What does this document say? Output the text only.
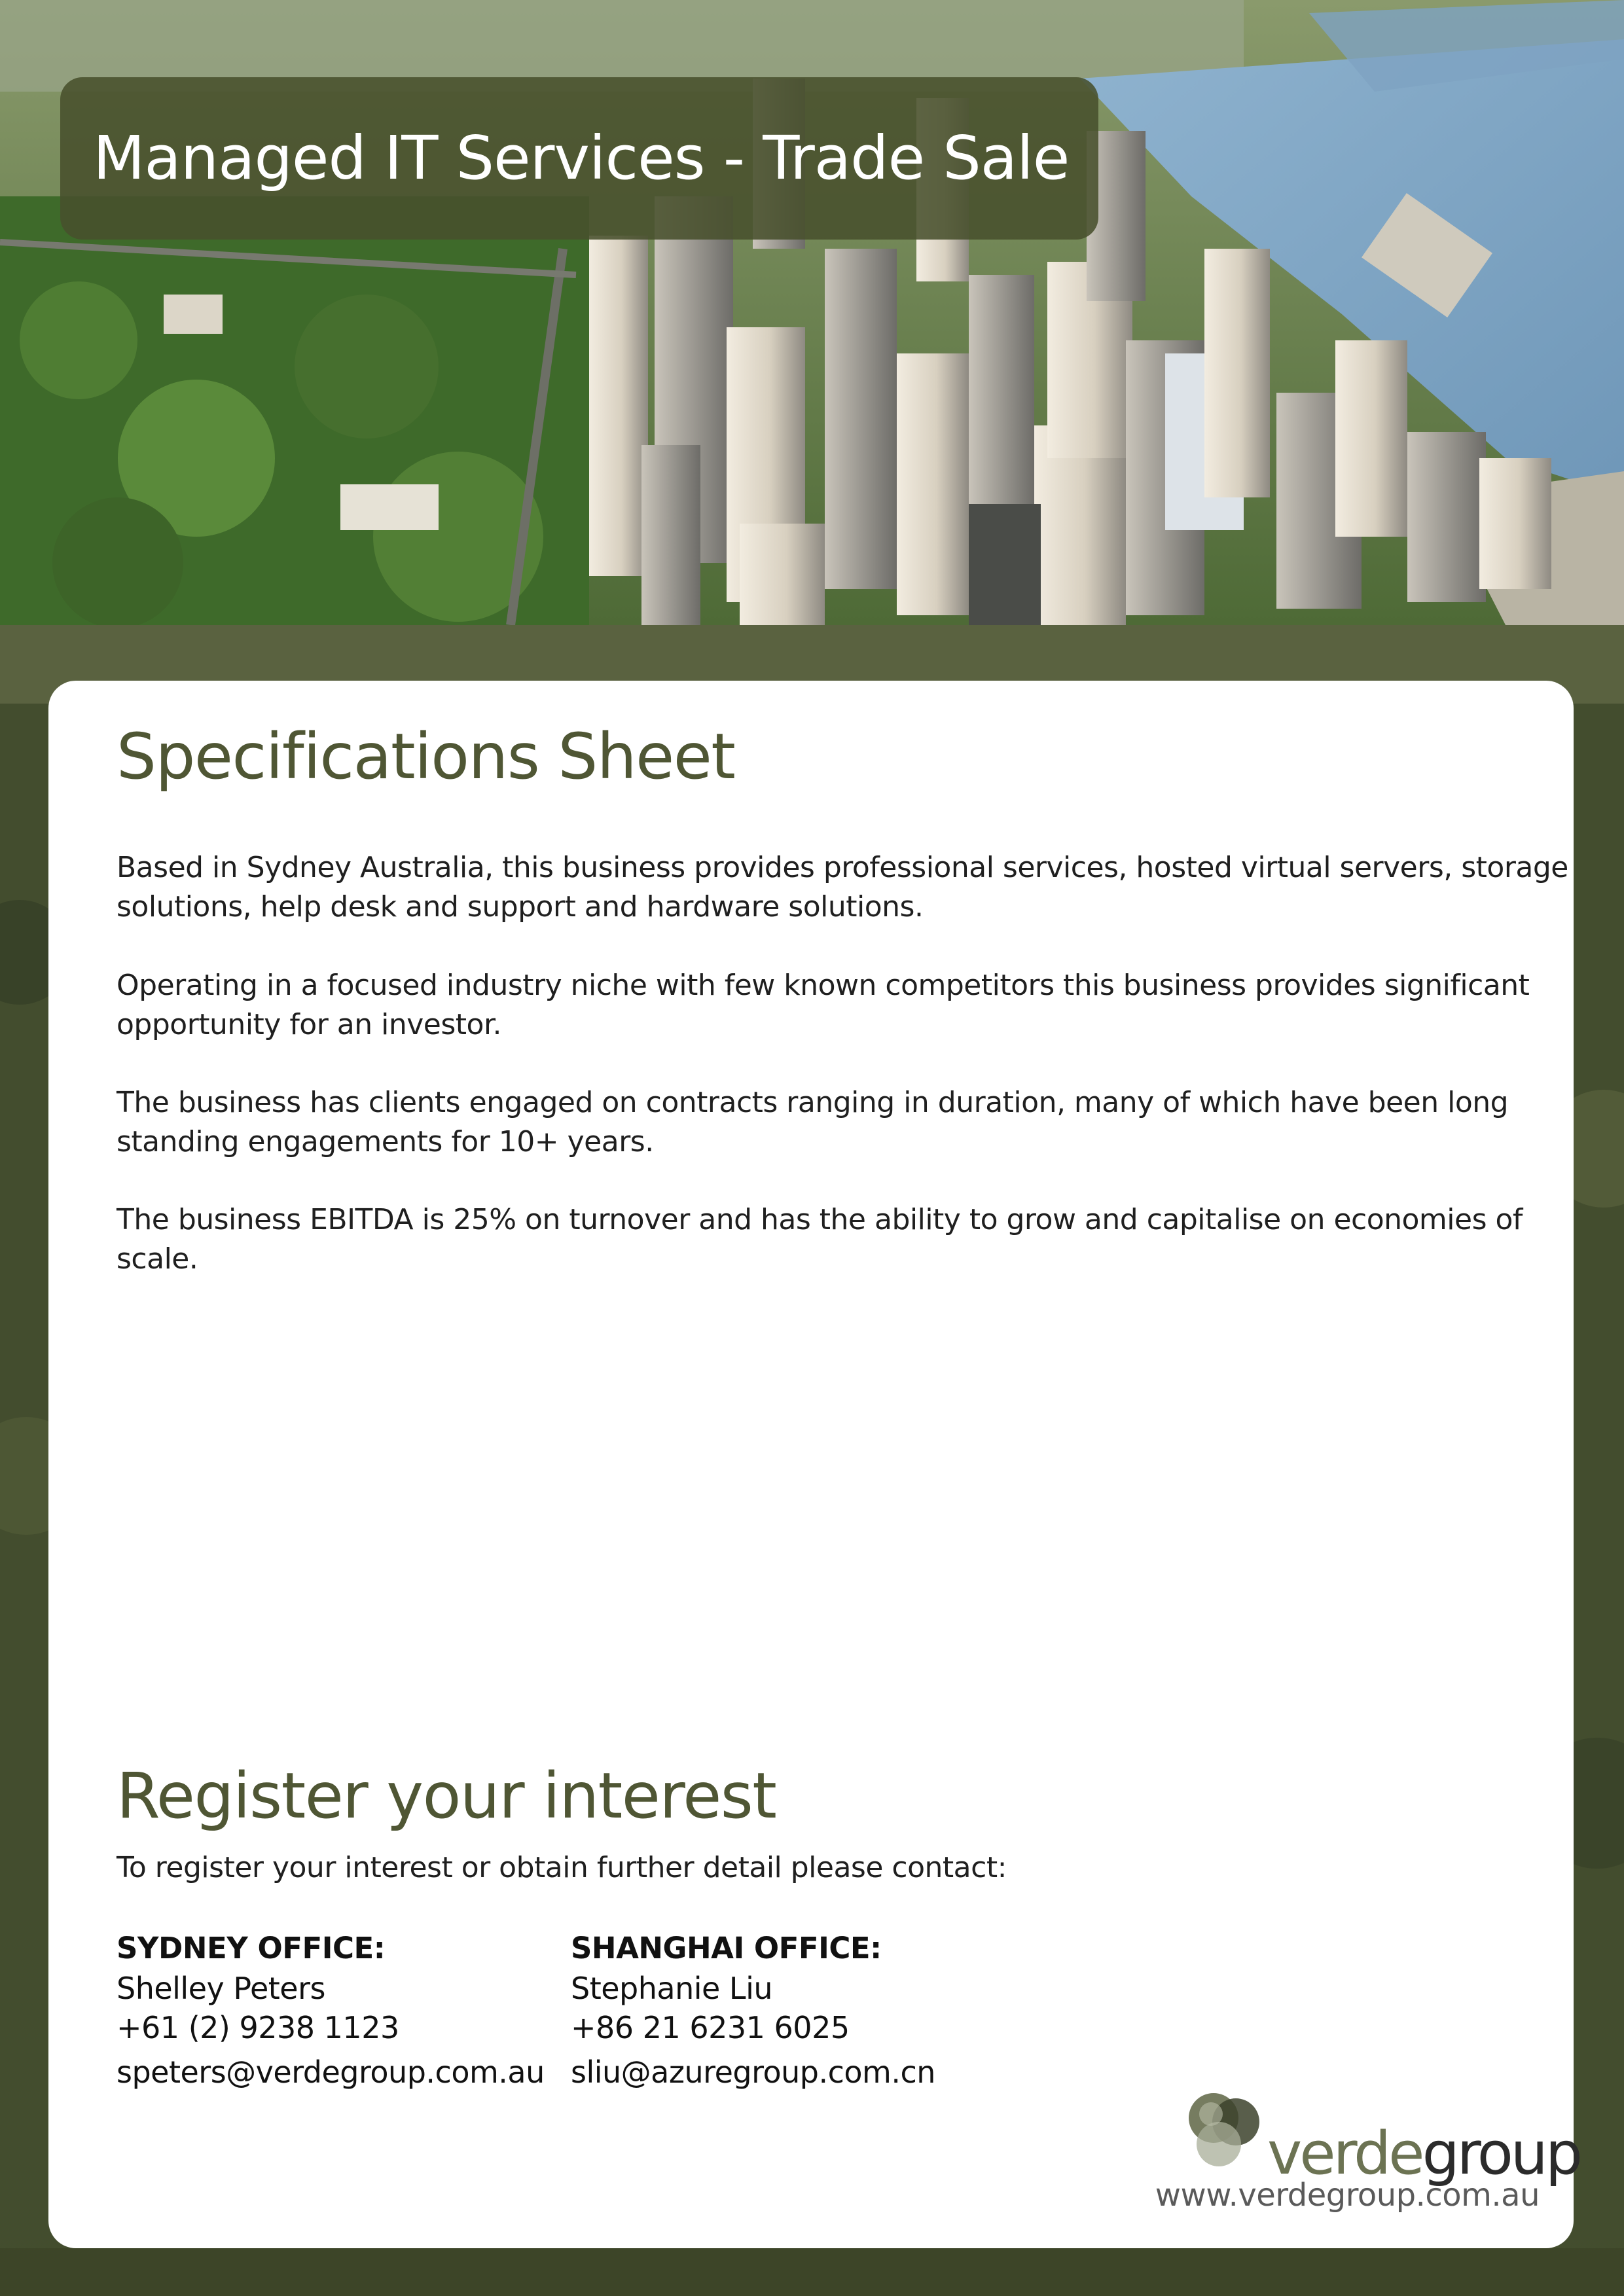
Managed IT Services - Trade Sale
Specifications Sheet

Based in Sydney Australia, this business provides professional services, hosted virtual servers, storage solutions, help desk and support and hardware solutions.

Operating in a focused industry niche with few known competitors this business provides significant opportunity for an investor.

The business has clients engaged on contracts ranging in duration, many of which have been long standing engagements for 10+ years.

The business EBITDA is 25% on turnover and has the ability to grow and capitalise on economies of scale.

Register your interest

To register your interest or obtain further detail please contact:

SYDNEY OFFICE:
Shelley Peters
+61 (2) 9238 1123
speters@verdegroup.com.au
SHANGHAI OFFICE:
Stephanie Liu
+86 21 6231 6025
sliu@azuregroup.com.cn
verdegroup
www.verdegroup.com.au
